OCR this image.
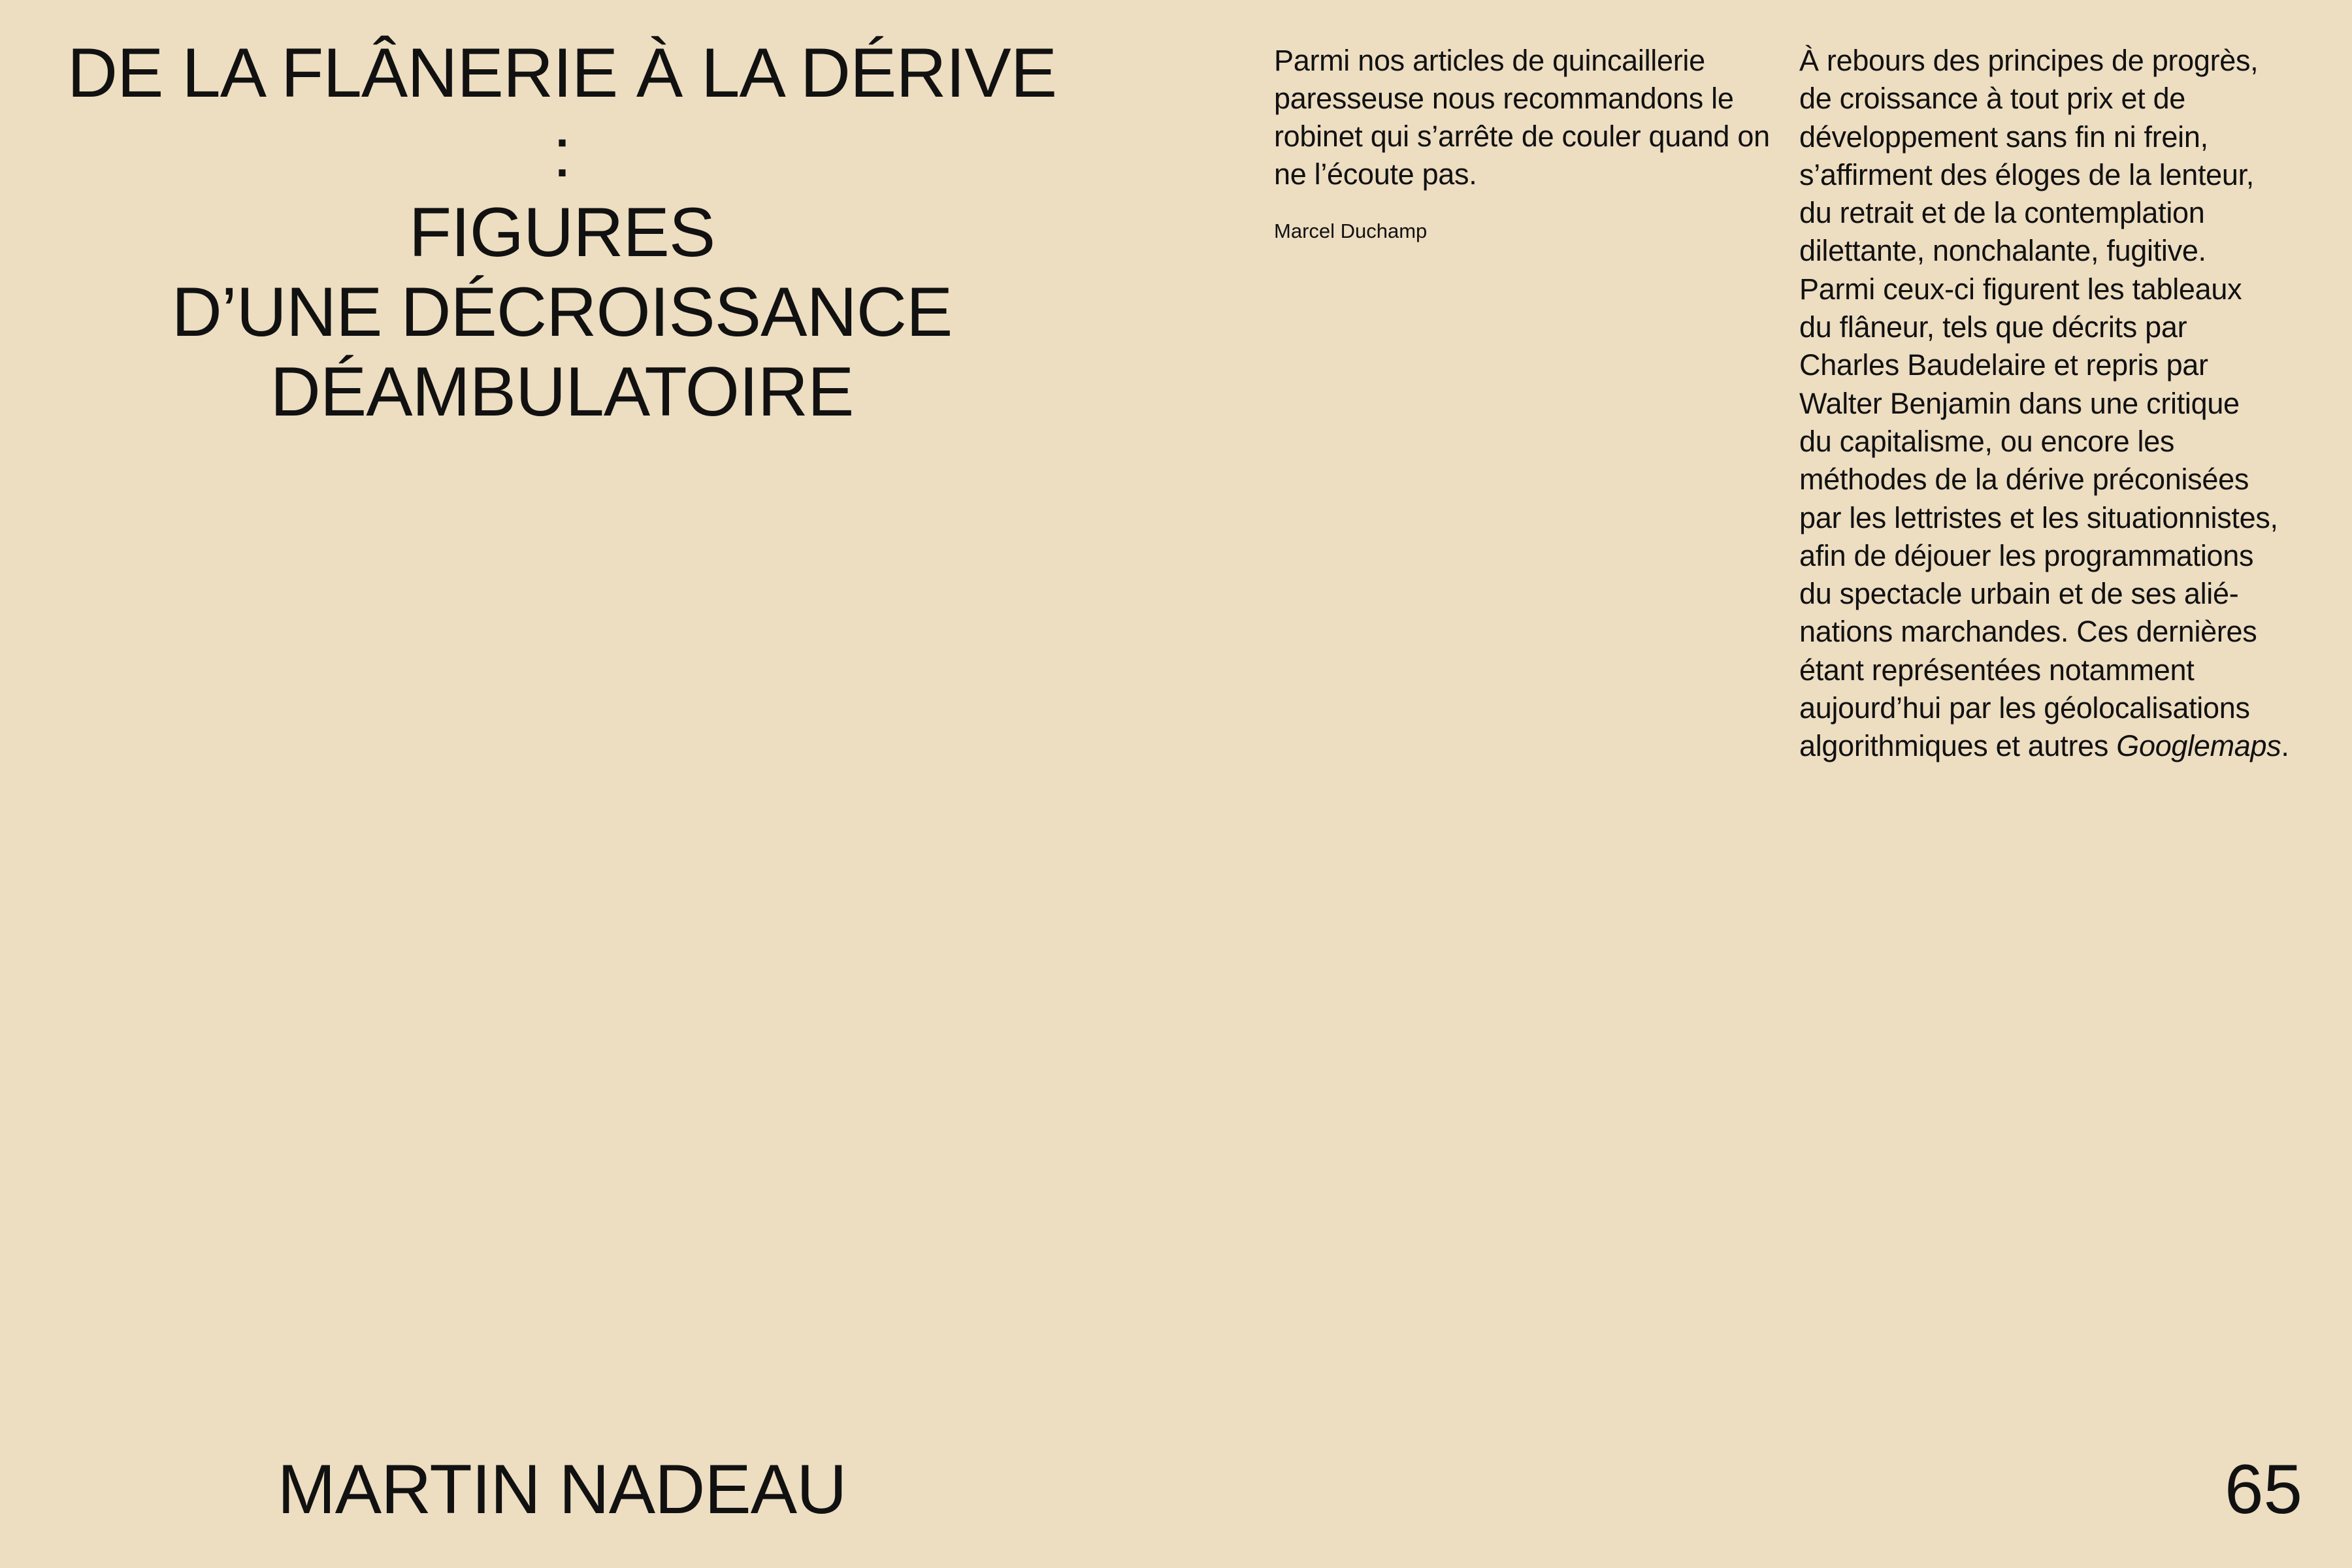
DE LA FLÂNERIE À LA DÉRIVE
:
FIGURES
D’UNE DÉCROISSANCE
DÉAMBULATOIRE

Parmi nos articles de quincaillerie paresseuse nous recommandons le robinet qui s’arrête de couler quand on ne l’écoute pas.

Marcel Duchamp

À rebours des principes de progrès,
de croissance à tout prix et de
développement sans fin ni frein,
s’affirment des éloges de la lenteur,
du retrait et de la contemplation
dilettante, nonchalante, fugitive.
Parmi ceux-ci figurent les tableaux
du flâneur, tels que décrits par
Charles Baudelaire et repris par
Walter Benjamin dans une critique
du capitalisme, ou encore les
méthodes de la dérive préconisées
par les lettristes et les situationnistes,
afin de déjouer les programmations
du spectacle urbain et de ses alié-
nations marchandes. Ces dernières
étant représentées notamment
aujourd’hui par les géolocalisations
algorithmiques et autres Googlemaps.

MARTIN NADEAU	65
